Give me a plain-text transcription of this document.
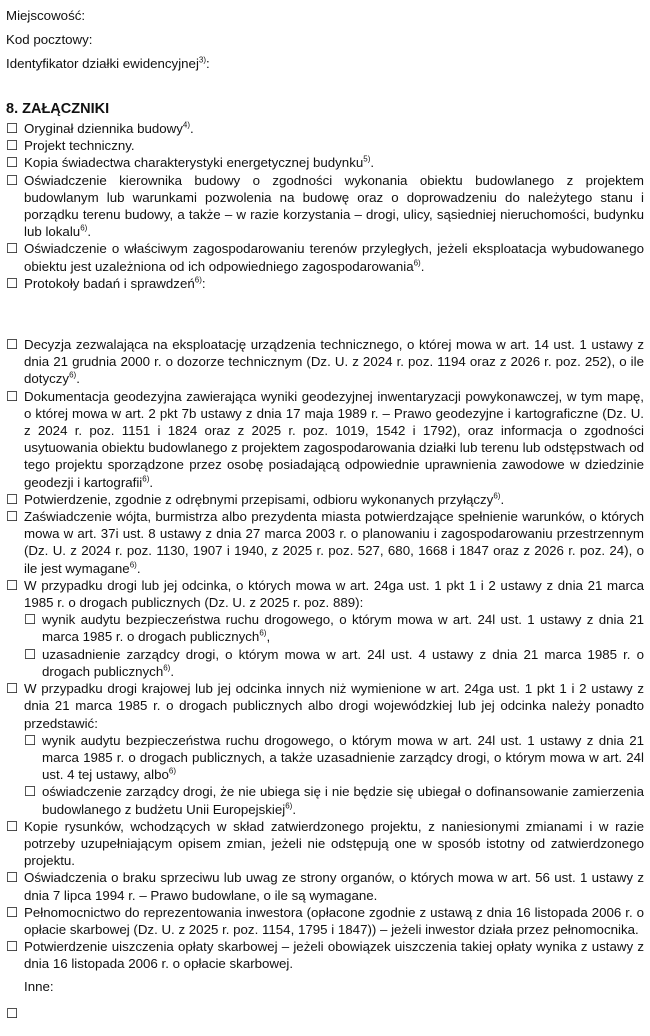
Miejscowość:
Kod pocztowy:
Identyfikator działki ewidencyjnej$^{3)}$:
8. ZAŁĄCZNIKI
☐ Oryginał dziennika budowy$^{4)}$.
☐ Projekt techniczny.
☐ Kopia świadectwa charakterystyki energetycznej budynku$^{5)}$.
☐ Oświadczenie kierownika budowy o zgodności wykonania obiektu budowlanego z projektem budowlanym lub warunkami pozwolenia na budowę oraz o doprowadzeniu do należytego stanu i porządku terenu budowy, a także – w razie korzystania – drogi, ulicy, sąsiedniej nieruchomości, budynku lub lokalu$^{6)}$.
☐ Oświadczenie o właściwym zagospodarowaniu terenów przyległych, jeżeli eksploatacja wybudowanego obiektu jest uzależniona od ich odpowiedniego zagospodarowania$^{6)}$.
☐ Protokoły badań i sprawdzeń$^{6)}$:
☐ Decyzja zezwalająca na eksploatację urządzenia technicznego, o której mowa w art. 14 ust. 1 ustawy z dnia 21 grudnia 2000 r. o dozorze technicznym (Dz. U. z 2024 r. poz. 1194 oraz z 2026 r. poz. 252), o ile dotyczy$^{6)}$.
☐ Dokumentacja geodezyjna zawierająca wyniki geodezyjnej inwentaryzacji powykonawczej, w tym mapę, o której mowa w art. 2 pkt 7b ustawy z dnia 17 maja 1989 r. – Prawo geodezyjne i kartograficzne (Dz. U. z 2024 r. poz. 1151 i 1824 oraz z 2025 r. poz. 1019, 1542 i 1792), oraz informacja o zgodności usytuowania obiektu budowlanego z projektem zagospodarowania działki lub terenu lub odstępstwach od tego projektu sporządzone przez osobę posiadającą odpowiednie uprawnienia zawodowe w dziedzinie geodezji i kartografii$^{6)}$.
☐ Potwierdzenie, zgodnie z odrębnymi przepisami, odbioru wykonanych przyłączy$^{6)}$.
☐ Zaświadczenie wójta, burmistrza albo prezydenta miasta potwierdzające spełnienie warunków, o których mowa w art. 37i ust. 8 ustawy z dnia 27 marca 2003 r. o planowaniu i zagospodarowaniu przestrzennym (Dz. U. z 2024 r. poz. 1130, 1907 i 1940, z 2025 r. poz. 527, 680, 1668 i 1847 oraz z 2026 r. poz. 24), o ile jest wymagane$^{6)}$.
☐ W przypadku drogi lub jej odcinka, o których mowa w art. 24ga ust. 1 pkt 1 i 2 ustawy z dnia 21 marca 1985 r. o drogach publicznych (Dz. U. z 2025 r. poz. 889):
☐ wynik audytu bezpieczeństwa ruchu drogowego, o którym mowa w art. 24l ust. 1 ustawy z dnia 21 marca 1985 r. o drogach publicznych$^{6)}$,
☐ uzasadnienie zarządcy drogi, o którym mowa w art. 24l ust. 4 ustawy z dnia 21 marca 1985 r. o drogach publicznych$^{6)}$.
☐ W przypadku drogi krajowej lub jej odcinka innych niż wymienione w art. 24ga ust. 1 pkt 1 i 2 ustawy z dnia 21 marca 1985 r. o drogach publicznych albo drogi wojewódzkiej lub jej odcinka należy ponadto przedstawić:
☐ wynik audytu bezpieczeństwa ruchu drogowego, o którym mowa w art. 24l ust. 1 ustawy z dnia 21 marca 1985 r. o drogach publicznych, a także uzasadnienie zarządcy drogi, o którym mowa w art. 24l ust. 4 tej ustawy, albo$^{6)}$
☐ oświadczenie zarządcy drogi, że nie ubiega się i nie będzie się ubiegał o dofinansowanie zamierzenia budowlanego z budżetu Unii Europejskiej$^{6)}$.
☐ Kopie rysunków, wchodzących w skład zatwierdzonego projektu, z naniesionymi zmianami i w razie potrzeby uzupełniającym opisem zmian, jeżeli nie odstępują one w sposób istotny od zatwierdzonego projektu.
☐ Oświadczenia o braku sprzeciwu lub uwag ze strony organów, o których mowa w art. 56 ust. 1 ustawy z dnia 7 lipca 1994 r. – Prawo budowlane, o ile są wymagane.
☐ Pełnomocnictwo do reprezentowania inwestora (opłacone zgodnie z ustawą z dnia 16 listopada 2006 r. o opłacie skarbowej (Dz. U. z 2025 r. poz. 1154, 1795 i 1847)) – jeżeli inwestor działa przez pełnomocnika.
☐ Potwierdzenie uiszczenia opłaty skarbowej – jeżeli obowiązek uiszczenia takiej opłaty wynika z ustawy z dnia 16 listopada 2006 r. o opłacie skarbowej.
Inne:
☐
